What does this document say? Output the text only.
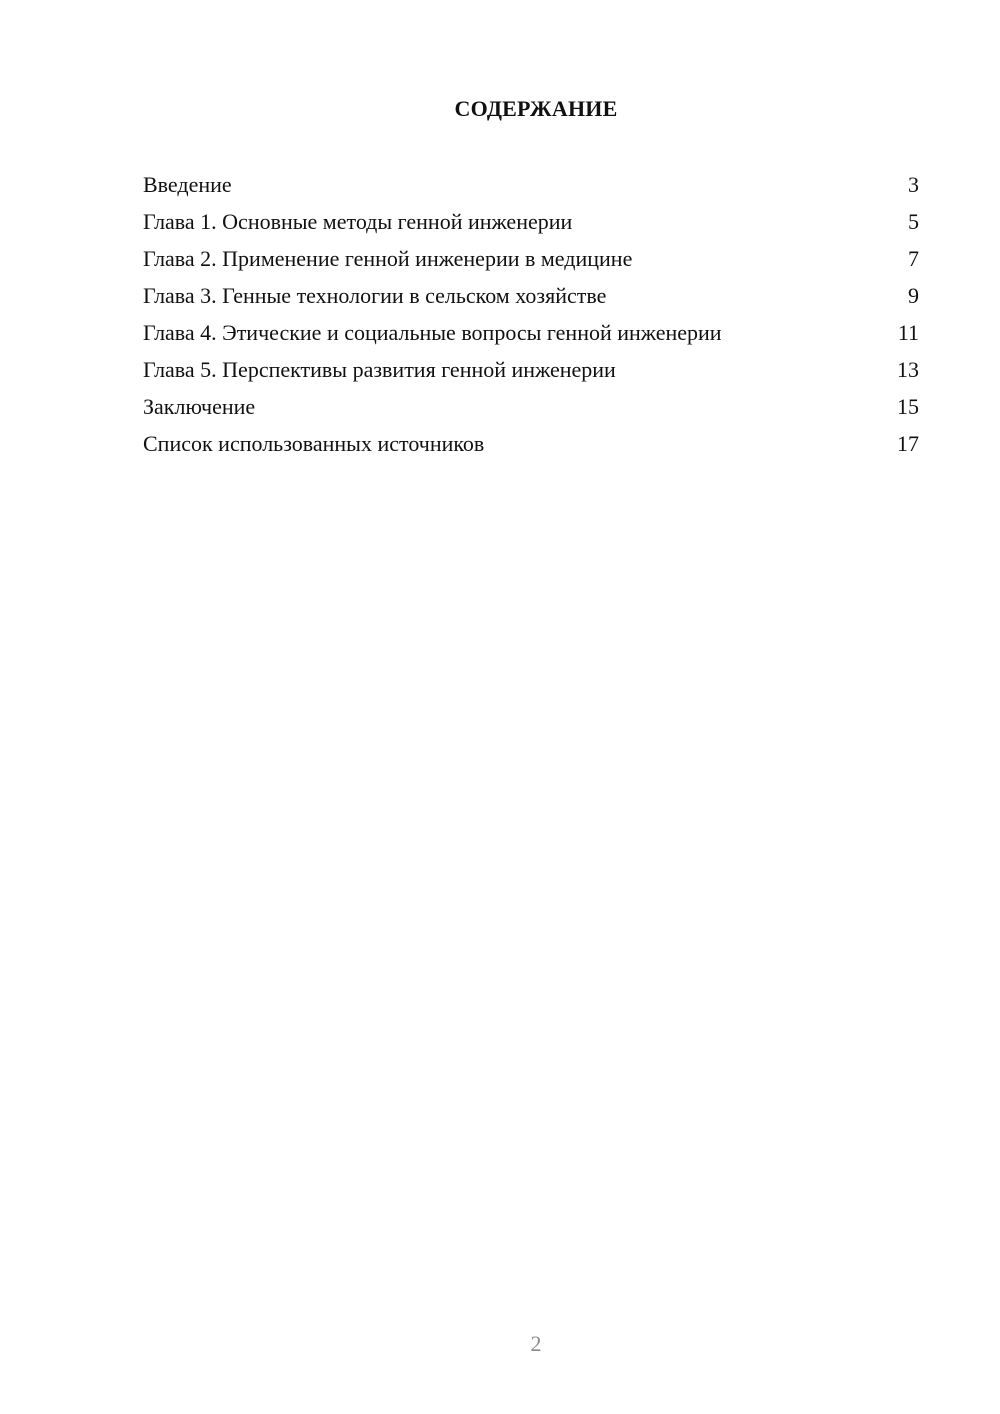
СОДЕРЖАНИЕ
Введение	3
Глава 1. Основные методы генной инженерии	5
Глава 2. Применение генной инженерии в медицине	7
Глава 3. Генные технологии в сельском хозяйстве	9
Глава 4. Этические и социальные вопросы генной инженерии	11
Глава 5. Перспективы развития генной инженерии	13
Заключение	15
Список использованных источников	17
2
